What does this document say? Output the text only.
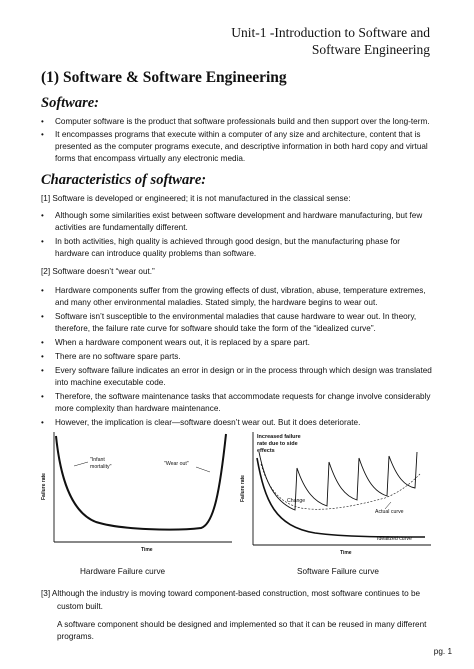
Unit-1 -Introduction to Software and
Software Engineering
(1) Software & Software Engineering
Software:
• Computer software is the product that software professionals build and then support over the long-term.
• It encompasses programs that execute within a computer of any size and architecture, content that is presented as the computer programs execute, and descriptive information in both hard copy and virtual forms that encompass virtually any electronic media.
Characteristics of software:
[1] Software is developed or engineered; it is not manufactured in the classical sense:
• Although some similarities exist between software development and hardware manufacturing, but few activities are fundamentally different.
• In both activities, high quality is achieved through good design, but the manufacturing phase for hardware can introduce quality problems than software.
[2] Software doesn’t “wear out.”
• Hardware components suffer from the growing effects of dust, vibration, abuse, temperature extremes, and many other environmental maladies. Stated simply, the hardware begins to wear out.
• Software isn’t susceptible to the environmental maladies that cause hardware to wear out. In theory, therefore, the failure rate curve for software should take the form of the “idealized curve”.
• When a hardware component wears out, it is replaced by a spare part.
• There are no software spare parts.
• Every software failure indicates an error in design or in the process through which design was translated into machine executable code.
• Therefore, the software maintenance tasks that accommodate requests for change involve considerably more complexity than hardware maintenance.
• However, the implication is clear—software doesn’t wear out. But it does deteriorate.
Failure rate
Time
"Infant
mortality"	"Wear out"
Hardware Failure curve
Failure rate
Time
Increased failure
rate due to side
effects
Change
Actual curve
Idealized curve
Software Failure curve
[3] Although the industry is moving toward component-based construction, most software continues to be
custom built.
A software component should be designed and implemented so that it can be reused in many different programs.
pg. 1
